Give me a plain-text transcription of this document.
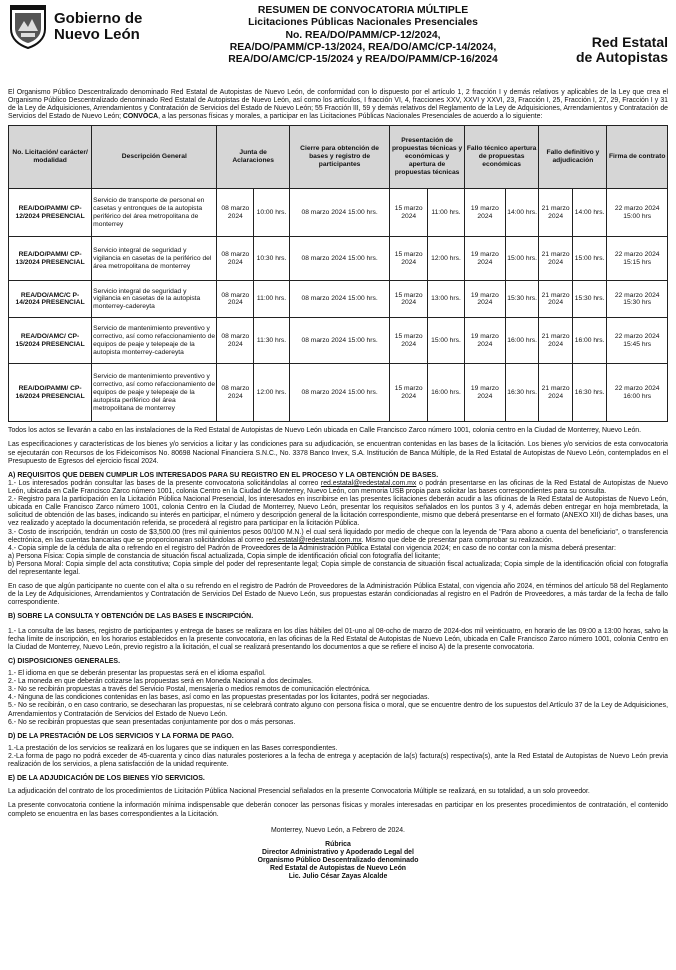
Gobierno de
Nuevo León
RESUMEN DE CONVOCATORIA MÚLTIPLE
Licitaciones Públicas Nacionales Presenciales
No. REA/DO/PAMM/CP-12/2024,
REA/DO/PAMM/CP-13/2024, REA/DO/AMC/CP-14/2024,
REA/DO/AMC/CP-15/2024 y REA/DO/PAMM/CP-16/2024
Red Estatal
de Autopistas

El Organismo Público Descentralizado denominado Red Estatal de Autopistas de Nuevo León, de conformidad con lo dispuesto por el artículo 1, 2 fracción I y demás relativos y aplicables de la Ley que crea el Organismo Público Descentralizado denominado Red Estatal de Autopistas de Nuevo León, así como los artículos, I fracción VI, 4, fracciones XXV, XXVI y XXVI, 23, Fracción I, 25, Fracción I, 27, 29, Fracción I y 31 de la Ley de Adquisiciones, Arrendamientos y Contratación de Servicios del Estado de Nuevo León; 55 Fracción III, 59 y demás relativos del Reglamento de la Ley de Adquisiciones, Arrendamientos y Contratación de Servicios del Estado de Nuevo León; CONVOCA, a las personas físicas y morales, a participar en las Licitaciones Públicas Nacionales Presenciales de acuerdo a lo siguiente:

No. Licitación/ carácter/ modalidad	Descripción General	Junta de Aclaraciones		Cierre para obtención de bases y registro de participantes	Presentación de propuestas técnicas y económicas y apertura de propuestas técnicas		Fallo técnico apertura de propuestas económicas		Fallo definitivo y adjudicación		Firma de contrato
REA/DO/PAMM/ CP-12/2024 PRESENCIAL	Servicio de transporte de personal en casetas y entronques de la autopista periférico del área metropolitana de monterrey	08 marzo 2024	10:00 hrs.	08 marzo 2024 15:00 hrs.	15 marzo 2024	11:00 hrs.	19 marzo 2024	14:00 hrs.	21 marzo 2024	14:00 hrs.	22 marzo 2024 15:00 hrs
REA/DO/PAMM/ CP-13/2024 PRESENCIAL	Servicio integral de seguridad y vigilancia en casetas de la periférico del área metropolitana de monterrey	08 marzo 2024	10:30 hrs.	08 marzo 2024 15:00 hrs.	15 marzo 2024	12:00 hrs.	19 marzo 2024	15:00 hrs.	21 marzo 2024	15:00 hrs.	22 marzo 2024 15:15 hrs
REA/DO/AMC/C P-14/2024 PRESENCIAL	Servicio integral de seguridad y vigilancia en casetas de la autopista monterrey-cadereyta	08 marzo 2024	11:00 hrs.	08 marzo 2024 15:00 hrs.	15 marzo 2024	13:00 hrs.	19 marzo 2024	15:30 hrs.	21 marzo 2024	15:30 hrs.	22 marzo 2024 15:30 hrs
REA/DO/AMC/ CP-15/2024 PRESENCIAL	Servicio de mantenimiento preventivo y correctivo, así como refaccionamiento de equipos de peaje y telepeaje de la autopista monterrey-cadereyta	08 marzo 2024	11:30 hrs.	08 marzo 2024 15:00 hrs.	15 marzo 2024	15:00 hrs.	19 marzo 2024	16:00 hrs.	21 marzo 2024	16:00 hrs.	22 marzo 2024 15:45 hrs
REA/DO/PAMM/ CP-16/2024 PRESENCIAL	Servicio de mantenimiento preventivo y correctivo, así como refaccionamiento de equipos de peaje y telepeaje de la autopista periférico del área metropolitana de monterrey	08 marzo 2024	12:00 hrs.	08 marzo 2024 15:00 hrs.	15 marzo 2024	16:00 hrs.	19 marzo 2024	16:30 hrs.	21 marzo 2024	16:30 hrs.	22 marzo 2024 16:00 hrs

Todos los actos se llevarán a cabo en las instalaciones de la Red Estatal de Autopistas de Nuevo León ubicada en Calle Francisco Zarco número 1001, colonia centro en la Ciudad de Monterrey, Nuevo León.

Las especificaciones y características de los bienes y/o servicios a licitar y las condiciones para su adjudicación, se encuentran contenidas en las bases de la licitación. Los bienes y/o servicios de esta convocatoria se ejecutarán con Recursos de los Fideicomisos No. 80698 Nacional Financiera S.N.C., No. 3378 Banco Invex, S.A. Institución de Banca Múltiple, de la Red Estatal de Autopistas de Nuevo León, contemplados en el Presupuesto de Egresos del ejercicio fiscal 2024.

A) REQUISITOS QUE DEBEN CUMPLIR LOS INTERESADOS PARA SU REGISTRO EN EL PROCESO Y LA OBTENCIÓN DE BASES.

1.- Los interesados podrán consultar las bases de la presente convocatoria solicitándolas al correo red.estatal@redestatal.com.mx o podrán presentarse en las oficinas de la Red Estatal de Autopistas de Nuevo León, ubicada en Calle Francisco Zarco número 1001, colonia Centro en la Ciudad de Monterrey, Nuevo León, con memoria USB propia para solicitar las bases correspondientes para su consulta.

2.- Registro para la participación en la Licitación Pública Nacional Presencial, los interesados en inscribirse en las presentes licitaciones deberán acudir a las oficinas de la Red Estatal de Autopistas de Nuevo León, ubicada en Calle Francisco Zarco número 1001, colonia Centro en la Ciudad de Monterrey, Nuevo León, presentar los requisitos señalados en los puntos 3 y 4, además deben entregar en hoja membretada, la solicitud de obtención de las bases, indicando su interés en participar, el número y descripción general de la licitación correspondiente, mismo que deberá presentarse en el formato (ANEXO XII) de dichas bases, una vez realizado y aceptado la documentación referida, se procederá al registro para participar en la licitación Pública.

3.- Costo de inscripción, tendrán un costo de $3,500.00 (tres mil quinientos pesos 00/100 M.N.) el cual será liquidado por medio de cheque con la leyenda de "Para abono a cuenta del beneficiario", o transferencia electrónica, en las cuentas bancarias que se proporcionaran solicitándolas al correo red.estatal@redestatal.com.mx. Mismo que debe de presentar para comprobar su realización.

4.- Copia simple de la cédula de alta o refrendo en el registro del Padrón de Proveedores de la Administración Pública Estatal con vigencia 2024; en caso de no contar con la misma deberá presentar:

a) Persona Física: Copia simple de constancia de situación fiscal actualizada, Copia simple de identificación oficial con fotografía del licitante;

b) Persona Moral: Copia simple del acta constitutiva; Copia simple del poder del representante legal; Copia simple de constancia de situación fiscal actualizada; Copia simple de la identificación oficial con fotografía del representante legal.

En caso de que algún participante no cuente con el alta o su refrendo en el registro de Padrón de Proveedores de la Administración Pública Estatal, con vigencia año 2024, en términos del artículo 58 del Reglamento de la Ley de Adquisiciones, Arrendamientos y Contratación de Servicios Del Estado de Nuevo León, sus propuestas estarán condicionadas al registro en el Padrón de Proveedores, a más tardar de la fecha de fallo correspondiente.

B) SOBRE LA CONSULTA Y OBTENCIÓN DE LAS BASES E INSCRIPCIÓN.

1.- La consulta de las bases, registro de participantes y entrega de bases se realizara en los días hábiles del 01-uno al 08-ocho de marzo de 2024-dos mil veinticuatro, en horario de las 09:00 a 13:00 horas, salvo la fecha límite de inscripción, en los horarios establecidos en la presente convocatoria, en las oficinas de la Red Estatal de Autopistas de Nuevo León, ubicada en Calle Francisco Zarco número 1001, colonia Centro en la Ciudad de Monterrey, Nuevo León, previo registro a la licitación, el cual se realizará presentando los documentos a que se refiere el inciso A) de la presente convocatoria.

C) DISPOSICIONES GENERALES.

1.- El idioma en que se deberán presentar las propuestas será en el idioma español.

2.- La moneda en que deberán cotizarse las propuestas será en Moneda Nacional a dos decimales.

3.- No se recibirán propuestas a través del Servicio Postal, mensajería o medios remotos de comunicación electrónica.

4.- Ninguna de las condiciones contenidas en las bases, así como en las propuestas presentadas por los licitantes, podrá ser negociadas.

5.- No se recibirán, o en caso contrario, se desecharan las propuestas, ni se celebrará contrato alguno con persona física o moral, que se encuentre dentro de los supuestos del Artículo 37 de la Ley de Adquisiciones, Arrendamientos y Contratación de Servicios del Estado de Nuevo León.

6.- No se recibirán propuestas que sean presentadas conjuntamente por dos o más personas.

D) DE LA PRESTACIÓN DE LOS SERVICIOS Y LA FORMA DE PAGO.

1.-La prestación de los servicios se realizará en los lugares que se indiquen en las Bases correspondientes.

2.-La forma de pago no podrá exceder de 45-cuarenta y cinco días naturales posteriores a la fecha de entrega y aceptación de la(s) factura(s) respectiva(s), ante la Red Estatal de Autopistas de Nuevo León previa realización de los servicios, a plena satisfacción de la unidad requirente.

E) DE LA ADJUDICACIÓN DE LOS BIENES Y/O SERVICIOS.

La adjudicación del contrato de los procedimientos de Licitación Pública Nacional Presencial señalados en la presente Convocatoria Múltiple se realizará, en su totalidad, a un solo proveedor.

La presente convocatoria contiene la información mínima indispensable que deberán conocer las personas físicas y morales interesadas en participar en los presentes procedimientos de contratación, el contenido completo se encuentra en las bases correspondientes a la Licitación.

Monterrey, Nuevo León, a Febrero de 2024.
Rúbrica
Director Administrativo y Apoderado Legal del
Organismo Público Descentralizado denominado
Red Estatal de Autopistas de Nuevo León
Lic. Julio César Zayas Alcalde
